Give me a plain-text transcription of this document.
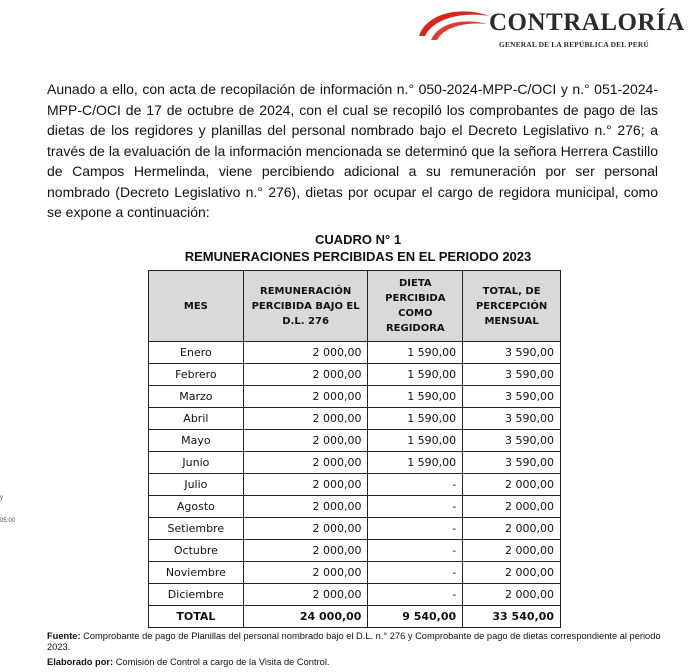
CONTRALORÍA
GENERAL DE LA REPÚBLICA DEL PERÚ

Aunado a ello, con acta de recopilación de información n.° 050-2024-MPP-C/OCI y n.° 051-2024-MPP-C/OCI de 17 de octubre de 2024, con el cual se recopiló los comprobantes de pago de las dietas de los regidores y planillas del personal nombrado bajo el Decreto Legislativo n.° 276; a través de la evaluación de la información mencionada se determinó que la señora Herrera Castillo de Campos Hermelinda, viene percibiendo adicional a su remuneración por ser personal nombrado (Decreto Legislativo n.° 276), dietas por ocupar el cargo de regidora municipal, como se expone a continuación:

y
05:00

CUADRO N° 1

REMUNERACIONES PERCIBIDAS EN EL PERIODO 2023

MES	REMUNERACIÓN PERCIBIDA BAJO EL D.L. 276	DIETA PERCIBIDA COMO REGIDORA	TOTAL, DE PERCEPCIÓN MENSUAL
Enero	2 000,00	1 590,00	3 590,00
Febrero	2 000,00	1 590,00	3 590,00
Marzo	2 000,00	1 590,00	3 590,00
Abril	2 000,00	1 590,00	3 590,00
Mayo	2 000,00	1 590,00	3 590,00
Junio	2 000,00	1 590,00	3 590,00
Julio	2 000,00	-	2 000,00
Agosto	2 000,00	-	2 000,00
Setiembre	2 000,00	-	2 000,00
Octubre	2 000,00	-	2 000,00
Noviembre	2 000,00	-	2 000,00
Diciembre	2 000,00	-	2 000,00
TOTAL	24 000,00	9 540,00	33 540,00

Fuente: Comprobante de pago de Planillas del personal nombrado bajo el D.L. n.° 276 y Comprobante de pago de dietas correspondiente al periodo 2023.

Elaborado por: Comisión de Control a cargo de la Visita de Control.
